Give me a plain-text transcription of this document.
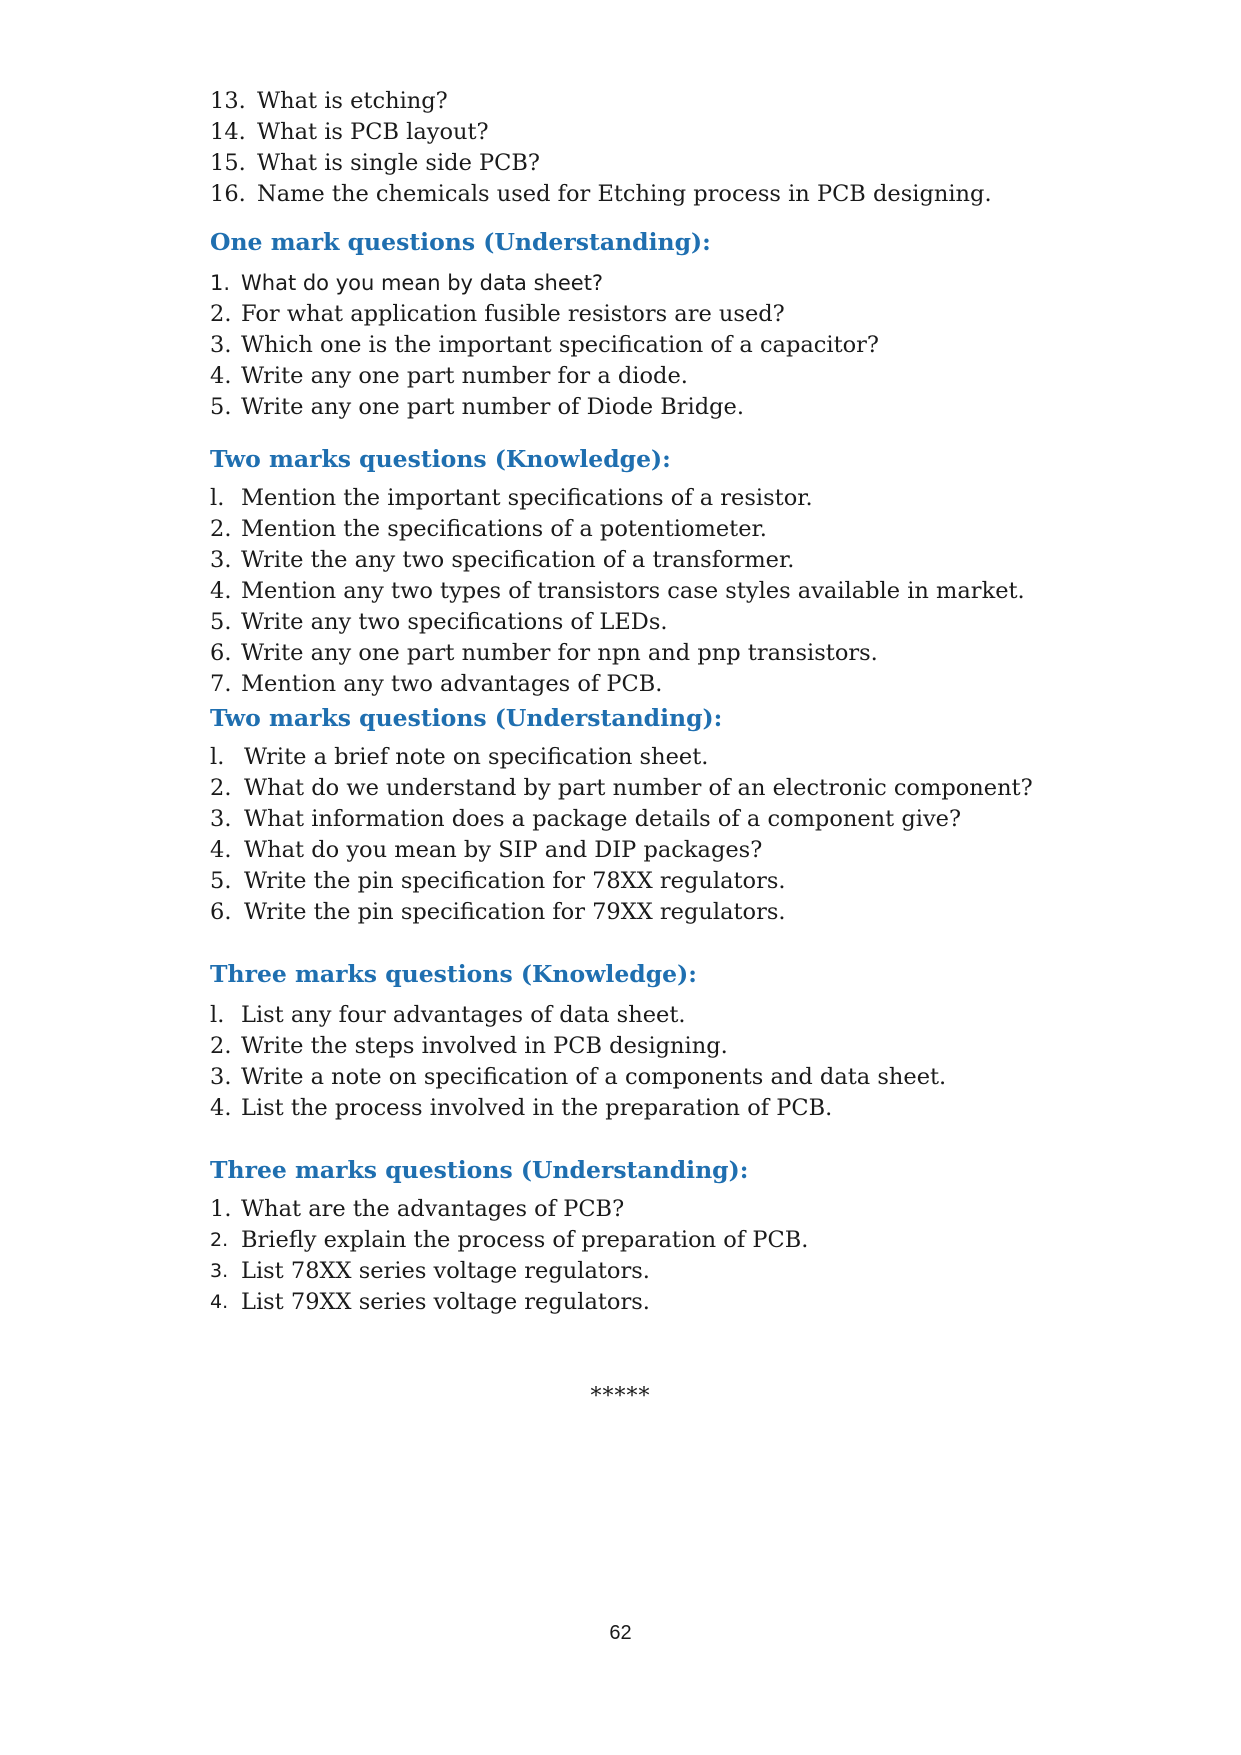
13. What is etching?
14. What is PCB layout?
15. What is single side PCB?
16. Name the chemicals used for Etching process in PCB designing.
One mark questions (Understanding):
1. What do you mean by data sheet?
2. For what application fusible resistors are used?
3. Which one is the important specification of a capacitor?
4. Write any one part number for a diode.
5. Write any one part number of Diode Bridge.
Two marks questions (Knowledge):
l. Mention the important specifications of a resistor.
2. Mention the specifications of a potentiometer.
3. Write the any two specification of a transformer.
4. Mention any two types of transistors case styles available in market.
5. Write any two specifications of LEDs.
6. Write any one part number for npn and pnp transistors.
7. Mention any two advantages of PCB.
Two marks questions (Understanding):
l. Write a brief note on specification sheet.
2. What do we understand by part number of an electronic component?
3. What information does a package details of a component give?
4. What do you mean by SIP and DIP packages?
5. Write the pin specification for 78XX regulators.
6. Write the pin specification for 79XX regulators.
Three marks questions (Knowledge):
l. List any four advantages of data sheet.
2. Write the steps involved in PCB designing.
3. Write a note on specification of a components and data sheet.
4. List the process involved in the preparation of PCB.
Three marks questions (Understanding):
1. What are the advantages of PCB?
2. Briefly explain the process of preparation of PCB.
3. List 78XX series voltage regulators.
4. List 79XX series voltage regulators.
*****
62
